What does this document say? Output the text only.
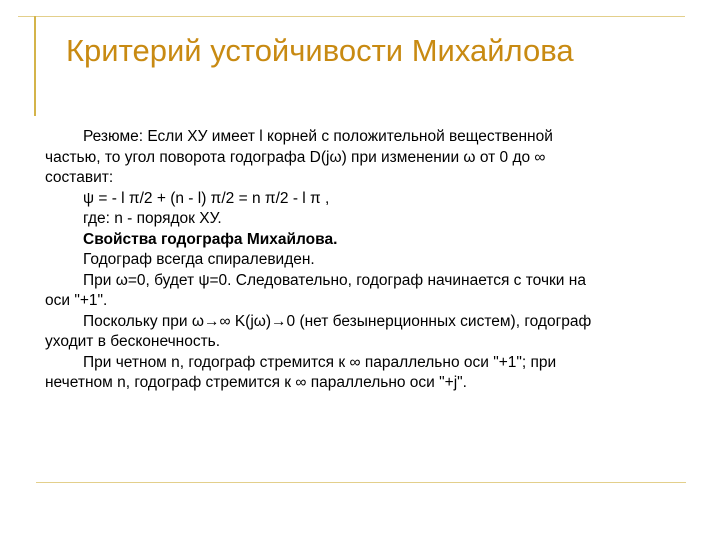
Критерий устойчивости Михайлова

Резюме: Если ХУ имеет l корней с положительной вещественной

частью, то угол поворота годографа D(jω) при изменении ω от 0 до ∞

составит:

ψ = - l π/2 + (n - l) π/2 = n π/2 - l π ,

где: n - порядок ХУ.

Свойства годографа Михайлова.

Годограф всегда спиралевиден.

При ω=0, будет ψ=0. Следовательно, годограф начинается с точки на

оси "+1".

Поскольку при ω→∞ K(jω)→0 (нет безынерционных систем), годограф

уходит в бесконечность.

При четном n, годограф стремится к ∞ параллельно оси "+1"; при

нечетном n, годограф стремится к ∞ параллельно оси "+j".
